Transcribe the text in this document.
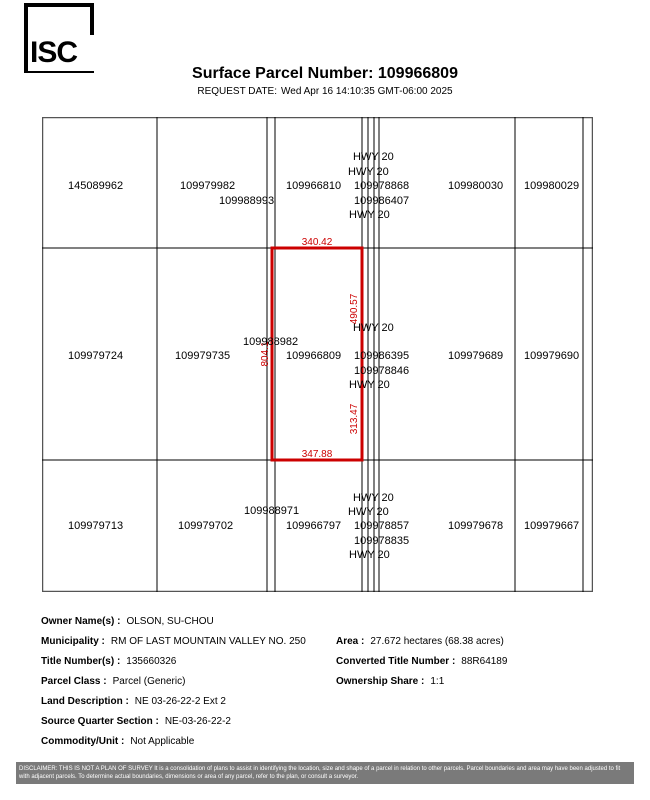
ISC
Surface Parcel Number: 109966809
REQUEST DATE: Wed Apr 16 14:10:35 GMT-06:00 2025
340.42
347.88
804.1
490.57
313.47
145089962	109979982
109988993
109966810 109978868
109986407
109980030 109980029
HWY 20
HWY 20
HWY 20
109979724	109979735
109988982
109966809 109986395
109978846
109979689 109979690
HWY 20
HWY 20
109979713	109979702
109988971
109966797 109978857
109978835
109979678 109979667
HWY 20
HWY 20
HWY 20
Owner Name(s) : OLSON, SU-CHOU
Municipality : RM OF LAST MOUNTAIN VALLEY NO. 250	Area : 27.672 hectares (68.38 acres)
Title Number(s) : 135660326	Converted Title Number : 88R64189
Parcel Class : Parcel (Generic)	Ownership Share : 1:1
Land Description : NE 03-26-22-2 Ext 2
Source Quarter Section : NE-03-26-22-2
Commodity/Unit : Not Applicable
DISCLAIMER: THIS IS NOT A PLAN OF SURVEY It is a consolidation of plans to assist in identifying the location, size and shape of a parcel in relation to other parcels. Parcel boundaries and area may have been adjusted to fit with adjacent parcels. To determine actual boundaries, dimensions or area of any parcel, refer to the plan, or consult a surveyor.
